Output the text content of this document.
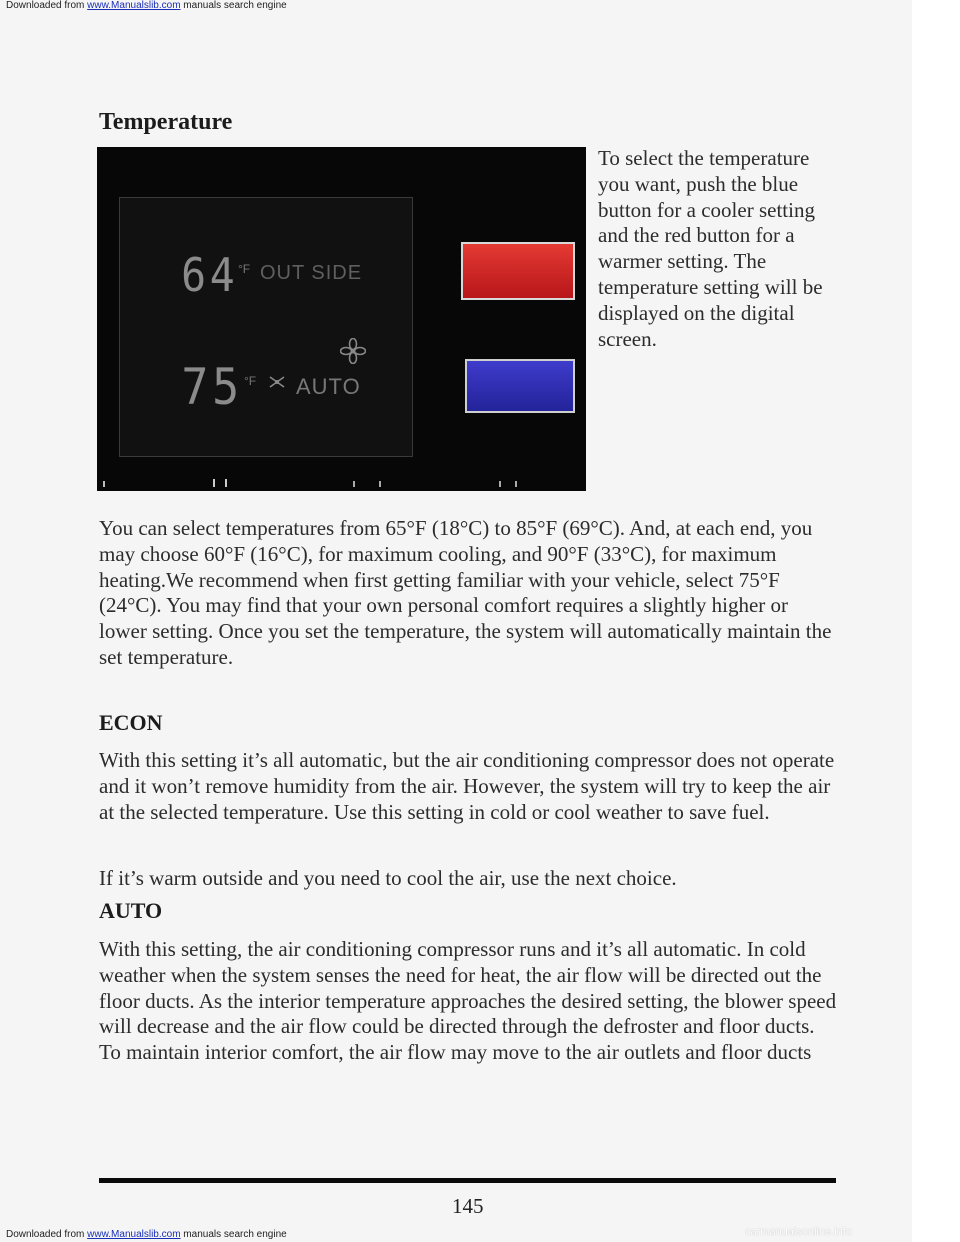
Downloaded from www.Manualslib.com manuals search engine
Temperature
64 °F OUT SIDE
75 °F AUTO

To select the temperature you want, push the blue button for a cooler setting and the red button for a warmer setting. The temperature setting will be displayed on the digital screen.

You can select temperatures from 65°F (18°C) to 85°F (69°C). And, at each end, you may choose 60°F (16°C), for maximum cooling, and 90°F (33°C), for maximum heating.We recommend when first getting familiar with your vehicle, select 75°F (24°C). You may find that your own personal comfort requires a slightly higher or lower setting. Once you set the temperature, the system will automatically maintain the set temperature.

ECON

With this setting it’s all automatic, but the air conditioning compressor does not operate and it won’t remove humidity from the air. However, the system will try to keep the air at the selected temperature. Use this setting in cold or cool weather to save fuel.

If it’s warm outside and you need to cool the air, use the next choice.

AUTO

With this setting, the air conditioning compressor runs and it’s all automatic. In cold weather when the system senses the need for heat, the air flow will be directed out the floor ducts. As the interior temperature approaches the desired setting, the blower speed will decrease and the air flow could be directed through the defroster and floor ducts. To maintain interior comfort, the air flow may move to the air outlets and floor ducts

145
Downloaded from www.Manualslib.com manuals search engine	carmanualsonline.info
